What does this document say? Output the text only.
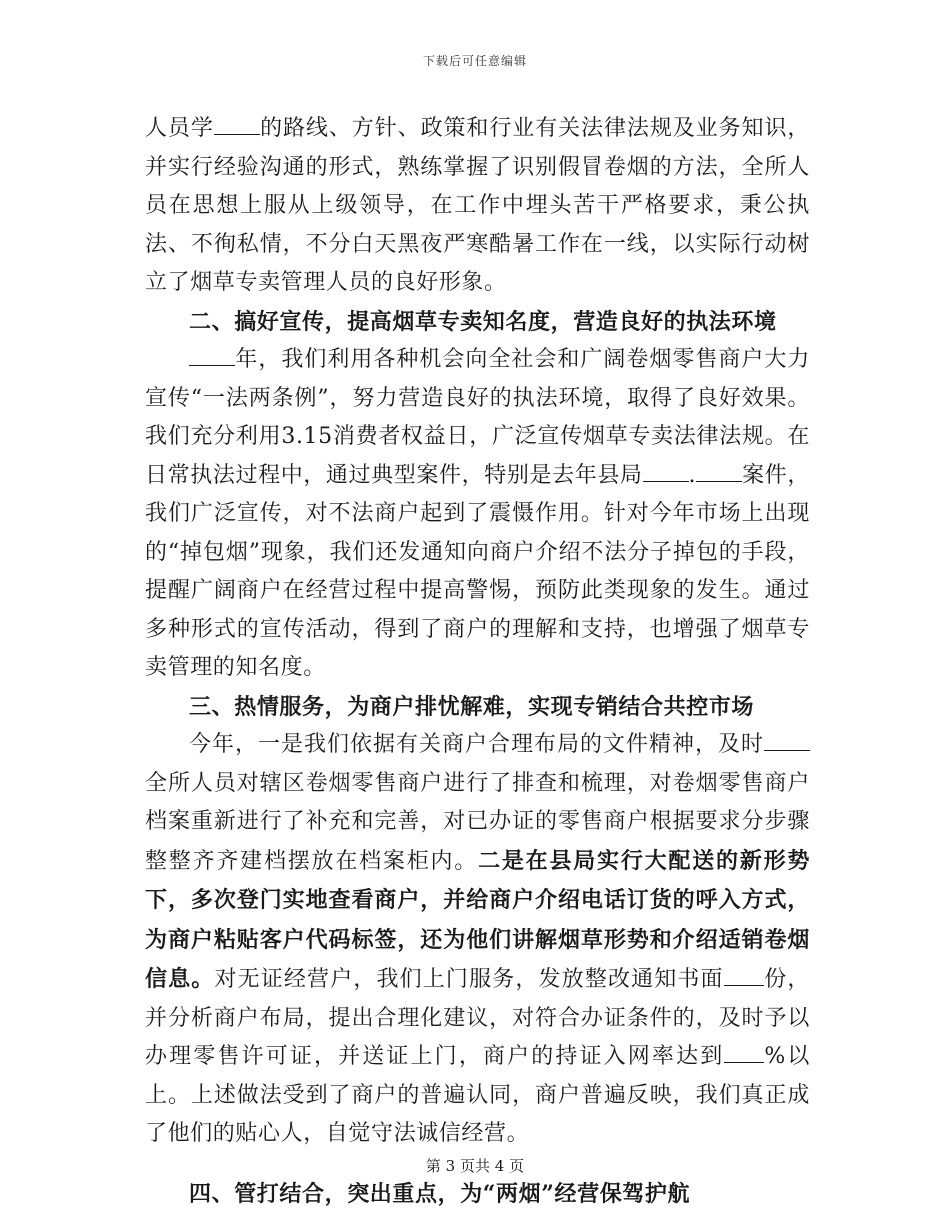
下载后可任意编辑

人员学 的路线、方针、政策和行业有关法律法规及业务知识，并实行经验沟通的形式，熟练掌握了识别假冒卷烟的方法，全所人员在思想上服从上级领导，在工作中埋头苦干严格要求，秉公执法、不徇私情，不分白天黑夜严寒酷暑工作在一线，以实际行动树立了烟草专卖管理人员的良好形象。

二、搞好宣传，提高烟草专卖知名度，营造良好的执法环境

年，我们利用各种机会向全社会和广阔卷烟零售商户大力宣传“一法两条例”，努力营造良好的执法环境，取得了良好效果。我们充分利用3.15消费者权益日，广泛宣传烟草专卖法律法规。在日常执法过程中，通过典型案件，特别是去年县局 . 案件，我们广泛宣传，对不法商户起到了震慑作用。针对今年市场上出现的“掉包烟”现象，我们还发通知向商户介绍不法分子掉包的手段，提醒广阔商户在经营过程中提高警惕，预防此类现象的发生。通过多种形式的宣传活动，得到了商户的理解和支持，也增强了烟草专卖管理的知名度。

三、热情服务，为商户排忧解难，实现专销结合共控市场

今年，一是我们依据有关商户合理布局的文件精神，及时全所人员对辖区卷烟零售商户进行了排查和梳理，对卷烟零售商户档案重新进行了补充和完善，对已办证的零售商户根据要求分步骤整整齐齐建档摆放在档案柜内。二是在县局实行大配送的新形势下，多次登门实地查看商户，并给商户介绍电话订货的呼入方式，为商户粘贴客户代码标签，还为他们讲解烟草形势和介绍适销卷烟信息。对无证经营户，我们上门服务，发放整改通知书面 份，并分析商户布局，提出合理化建议，对符合办证条件的，及时予以办理零售许可证，并送证上门，商户的持证入网率达到 %以上。上述做法受到了商户的普遍认同，商户普遍反映，我们真正成了他们的贴心人，自觉守法诚信经营。

四、管打结合，突出重点，为“两烟”经营保驾护航

第 3 页共 4 页
